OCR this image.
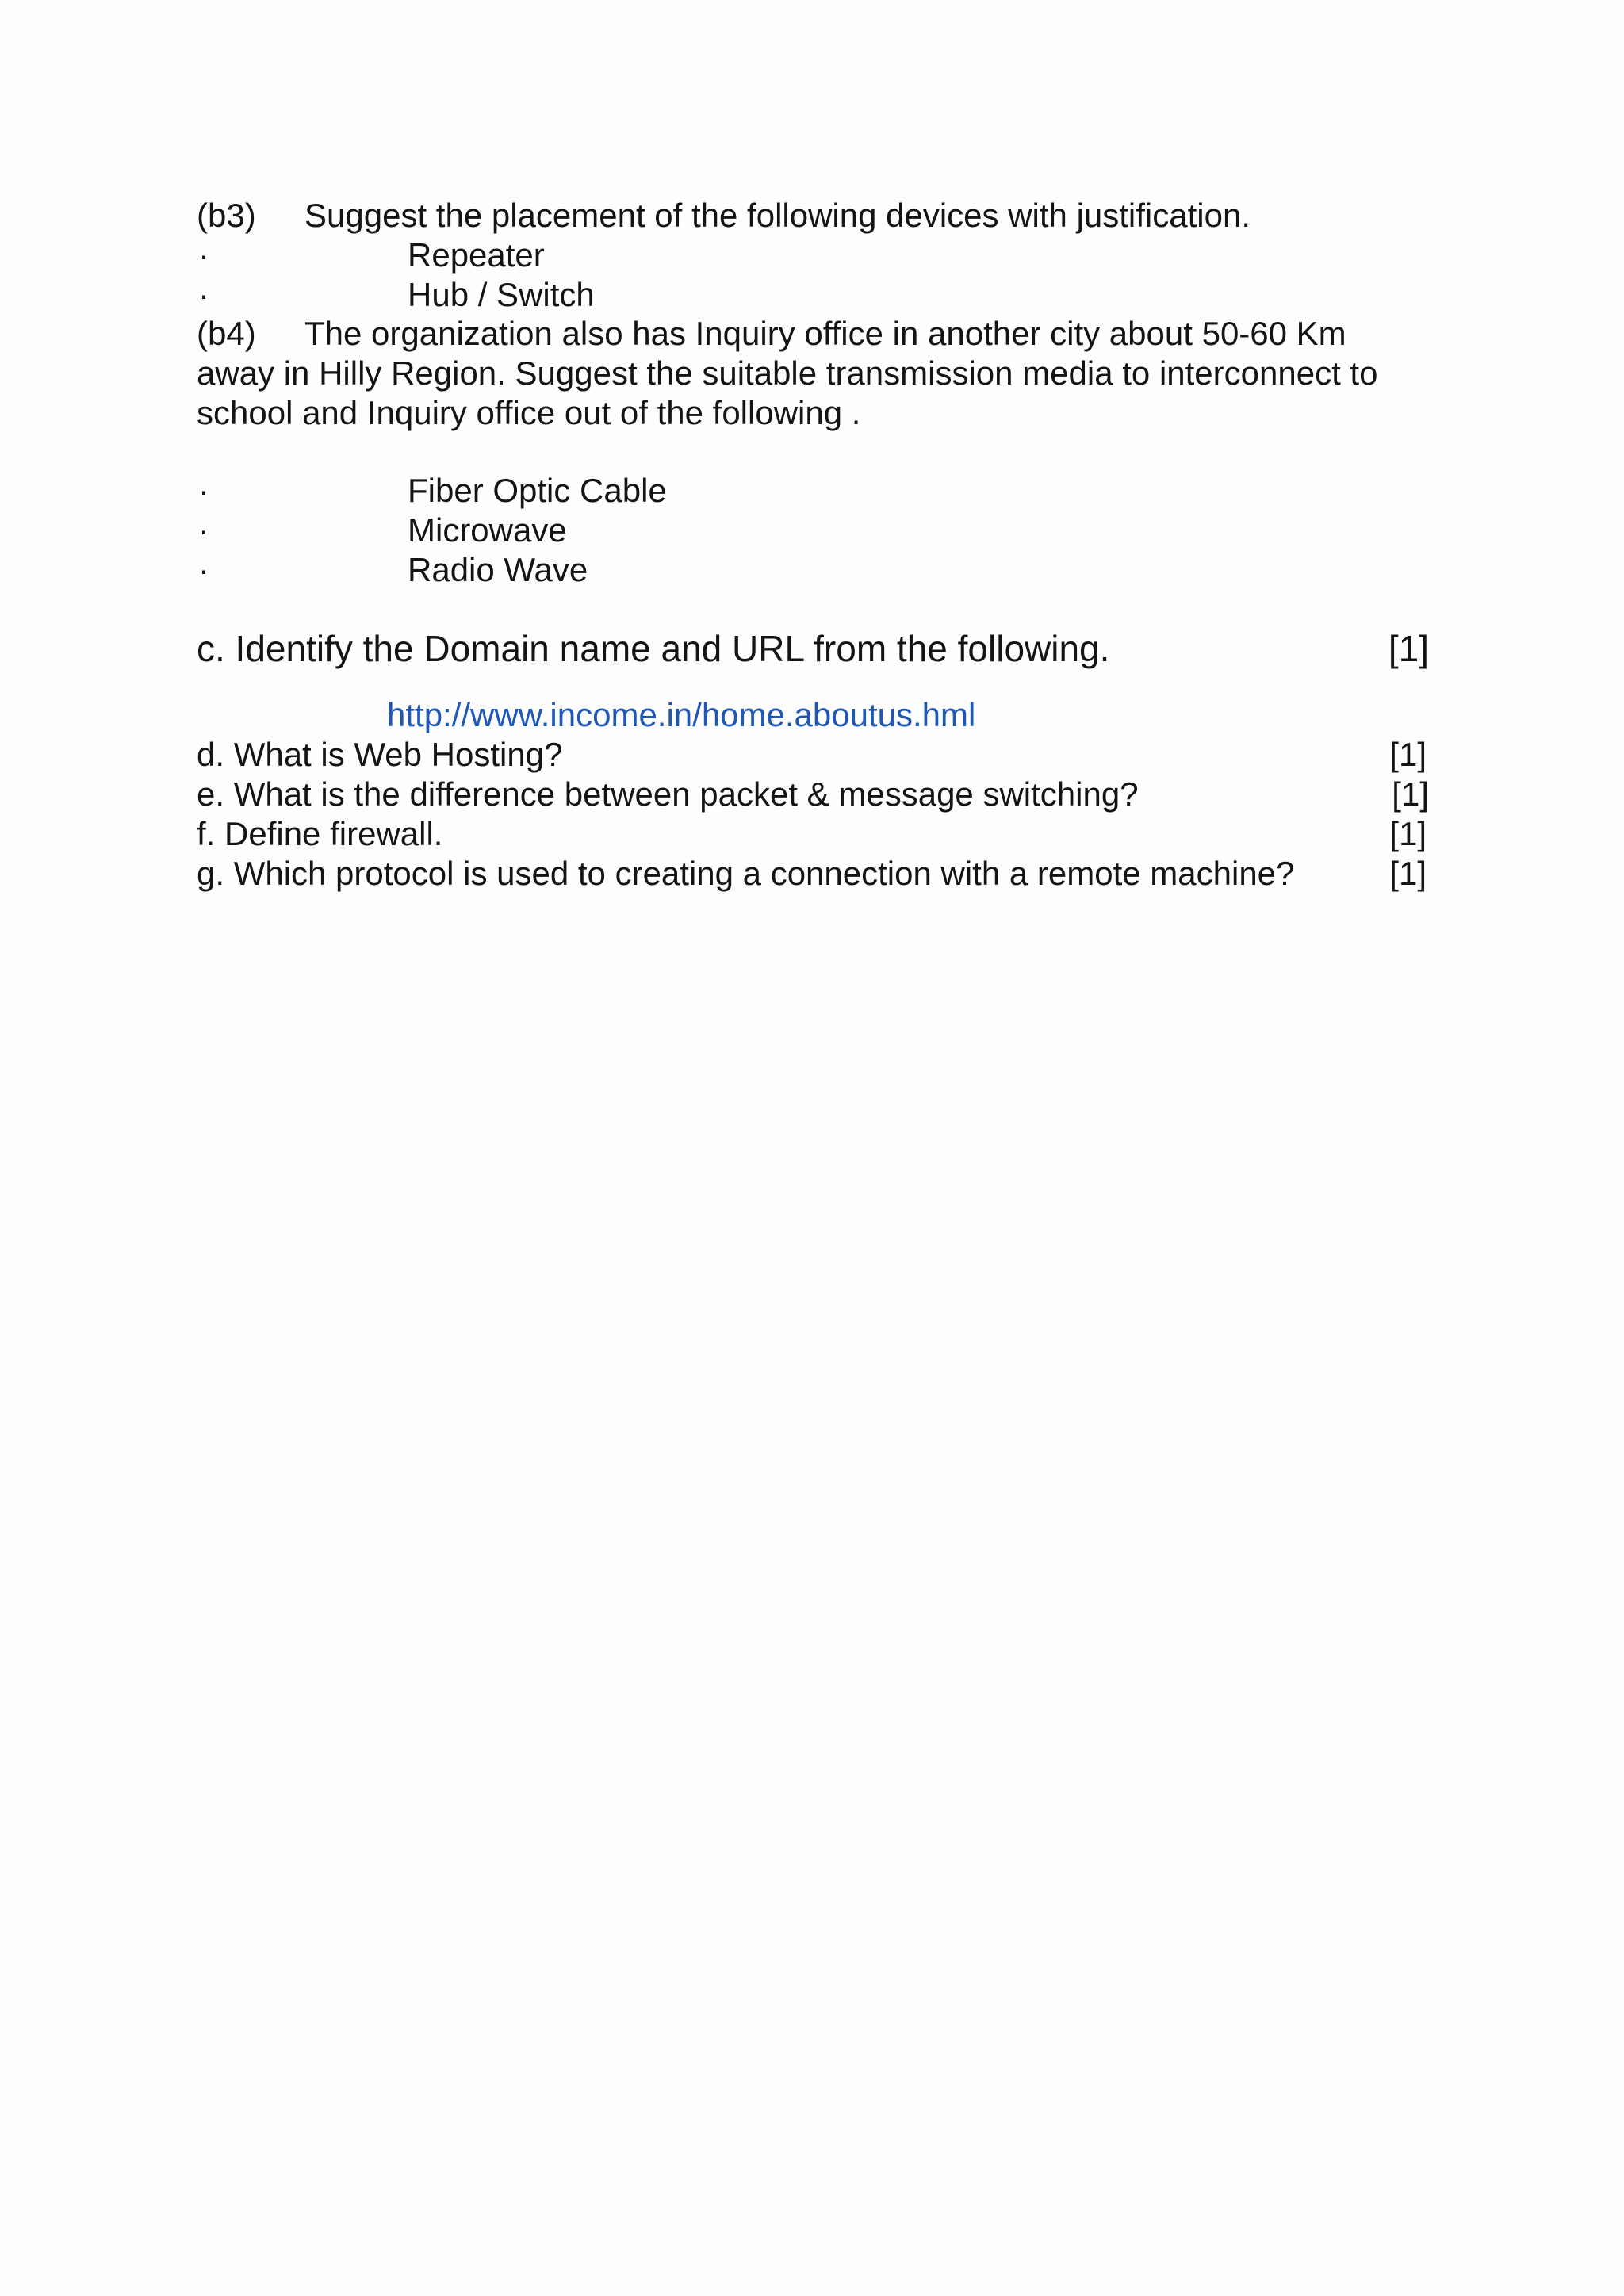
(b3) Suggest the placement of the following devices with justification.
·	Repeater
·	Hub / Switch
(b4) The organization also has Inquiry office in another city about 50-60 Km
away in Hilly Region. Suggest the suitable transmission media to interconnect to
school and Inquiry office out of the following .
·	Fiber Optic Cable
·	Microwave
·	Radio Wave
c. Identify the Domain name and URL from the following.	[1]
http://www.income.in/home.aboutus.hml
d. What is Web Hosting?	[1]
e. What is the difference between packet & message switching?	[1]
f. Define firewall.	[1]
g. Which protocol is used to creating a connection with a remote machine?	[1]
